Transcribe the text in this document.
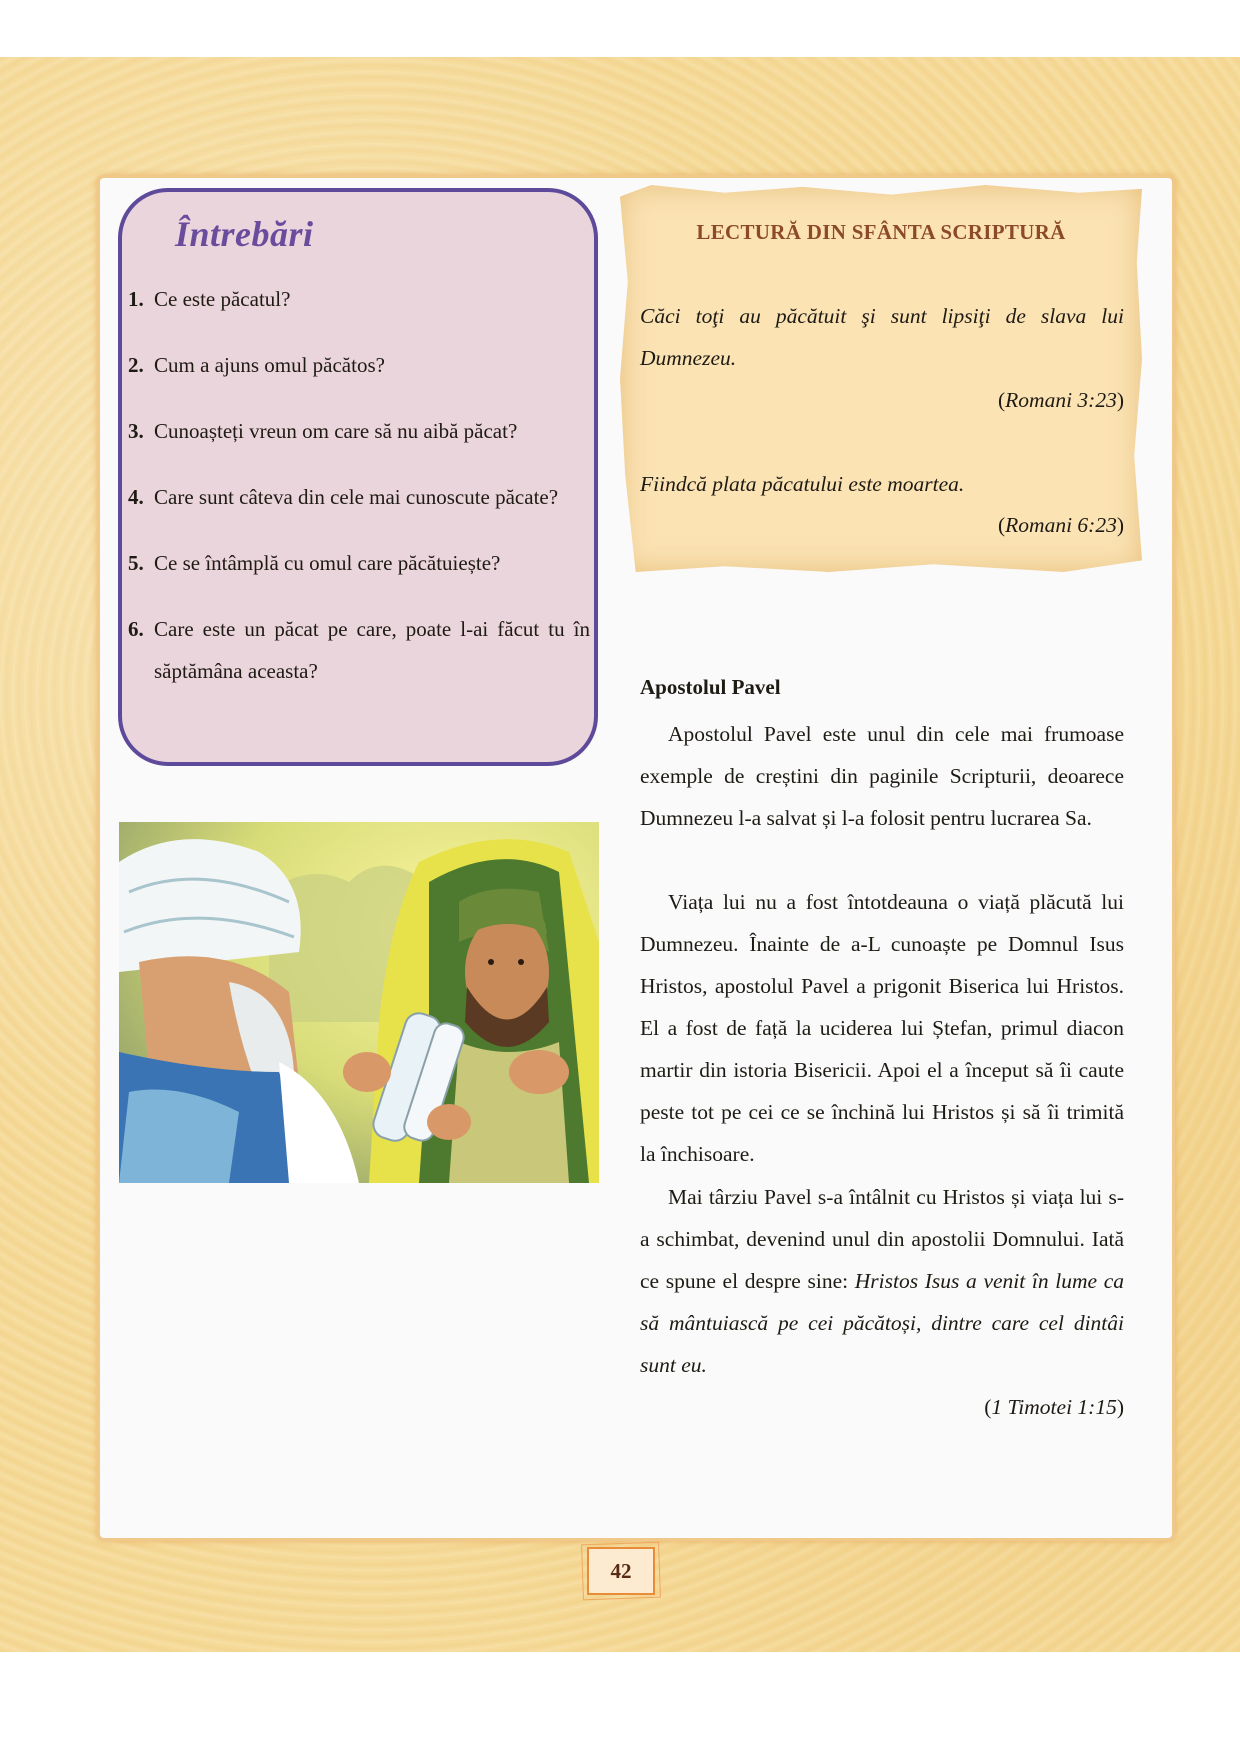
Întrebări
1. Ce este păcatul?
2. Cum a ajuns omul păcătos?
3. Cunoașteți vreun om care să nu aibă păcat?
4. Care sunt câteva din cele mai cunoscute păcate?
5. Ce se întâmplă cu omul care păcătuiește?
6. Care este un păcat pe care, poate l-ai făcut tu în săptămâna aceasta?
LECTURĂ DIN SFÂNTA SCRIPTURĂ
Căci toţi au păcătuit şi sunt lipsiţi de slava lui Dumnezeu.
(Romani 3:23)
Fiindcă plata păcatului este moartea.
(Romani 6:23)
Apostolul Pavel

Apostolul Pavel este unul din cele mai frumoase exemple de creștini din paginile Scripturii, deoarece Dumnezeu l-a salvat și l-a folosit pentru lucrarea Sa.

Viața lui nu a fost întotdeauna o viață plăcută lui Dumnezeu. Înainte de a-L cunoaște pe Domnul Isus Hristos, apostolul Pavel a prigonit Biserica lui Hristos. El a fost de față la uciderea lui Ștefan, primul diacon martir din istoria Bisericii. Apoi el a început să îi caute peste tot pe cei ce se închină lui Hristos și să îi trimită la închisoare.

Mai târziu Pavel s-a întâlnit cu Hristos și viața lui s-a schimbat, devenind unul din apostolii Domnului. Iată ce spune el despre sine: Hristos Isus a venit în lume ca să mântuiască pe cei păcătoși, dintre care cel dintâi sunt eu.

(1 Timotei 1:15)
42
